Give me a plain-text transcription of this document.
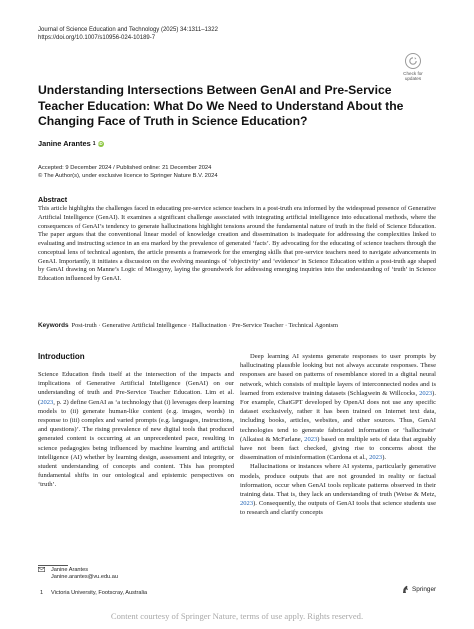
Journal of Science Education and Technology (2025) 34:1311–1322
https://doi.org/10.1007/s10956-024-10189-7
Check for
updates
Understanding Intersections Between GenAI and Pre-Service Teacher Education: What Do We Need to Understand About the Changing Face of Truth in Science Education?
Janine Arantes 1 iD
Accepted: 9 December 2024 / Published online: 21 December 2024
© The Author(s), under exclusive licence to Springer Nature B.V. 2024
Abstract
This article highlights the challenges faced in educating pre-service science teachers in a post-truth era informed by the widespread presence of Generative Artificial Intelligence (GenAI). It examines a significant challenge associated with integrating artificial intelligence into educational methods, where the consequences of GenAI’s tendency to generate hallucinations highlight tensions around the fundamental nature of truth in the field of Science Education. The paper argues that the conventional linear model of knowledge creation and dissemination is inadequate for addressing the complexities linked to evaluating and instructing science in an era marked by the prevalence of generated ‘facts’. By advocating for the educating of science teachers through the conceptual lens of technical agonism, the article presents a framework for the emerging skills that pre-service teachers need to navigate advancements in GenAI. Importantly, it initiates a discussion on the evolving meanings of ‘objectivity’ and ‘evidence’ in Science Education within a post-truth age shaped by GenAI drawing on Manne’s Logic of Misogyny, laying the groundwork for addressing emerging inquiries into the understanding of ‘truth’ in Science Education influenced by GenAI.
Keywords Post-truth · Generative Artificial Intelligence · Hallucination · Pre-Service Teacher · Technical Agonism
Introduction

Science Education finds itself at the intersection of the impacts and implications of Generative Artificial Intelligence (GenAI) on our understanding of truth and Pre-Service Teacher Education. Lim et al. (2023, p. 2) define GenAI as ‘a technology that (i) leverages deep learning models to (ii) generate human-like content (e.g. images, words) in response to (iii) complex and varied prompts (e.g. languages, instructions, and questions)’. The rising prevalence of new digital tools that produced generated content is occurring at an unprecedented pace, resulting in science pedagogies being influenced by machine learning and artificial intelligence (AI) whether by learning design, assessment and integrity, or student understanding of concepts and content. This has prompted fundamental shifts in our ontological and epistemic perspectives on ‘truth’.

Deep learning AI systems generate responses to user prompts by hallucinating plausible looking but not always accurate responses. These responses are based on patterns of resemblance stored in a digital neural network, which consists of multiple layers of interconnected nodes and is learned from extensive training datasets (Schlagwein & Willcocks, 2023). For example, ChatGPT developed by OpenAI does not use any specific dataset exclusively, rather it has been trained on Internet text data, including books, articles, websites, and other sources. Thus, GenAI technologies tend to generate fabricated information or ‘hallucinate’ (Alkaissi & McFarlane, 2023) based on multiple sets of data that arguably have not been fact checked, giving rise to concerns about the dissemination of misinformation (Cardona et al., 2023).

Hallucinations or instances where AI systems, particularly generative models, produce outputs that are not grounded in reality or factual information, occur when GenAI tools replicate patterns observed in their training data. That is, they lack an understanding of truth (Weise & Metz, 2023). Consequently, the outputs of GenAI tools that science students use to research and clarify concepts

Janine Arantes
Janine.arantes@vu.edu.au
1	Victoria University, Footscray, Australia	Springer
Content courtesy of Springer Nature, terms of use apply. Rights reserved.
